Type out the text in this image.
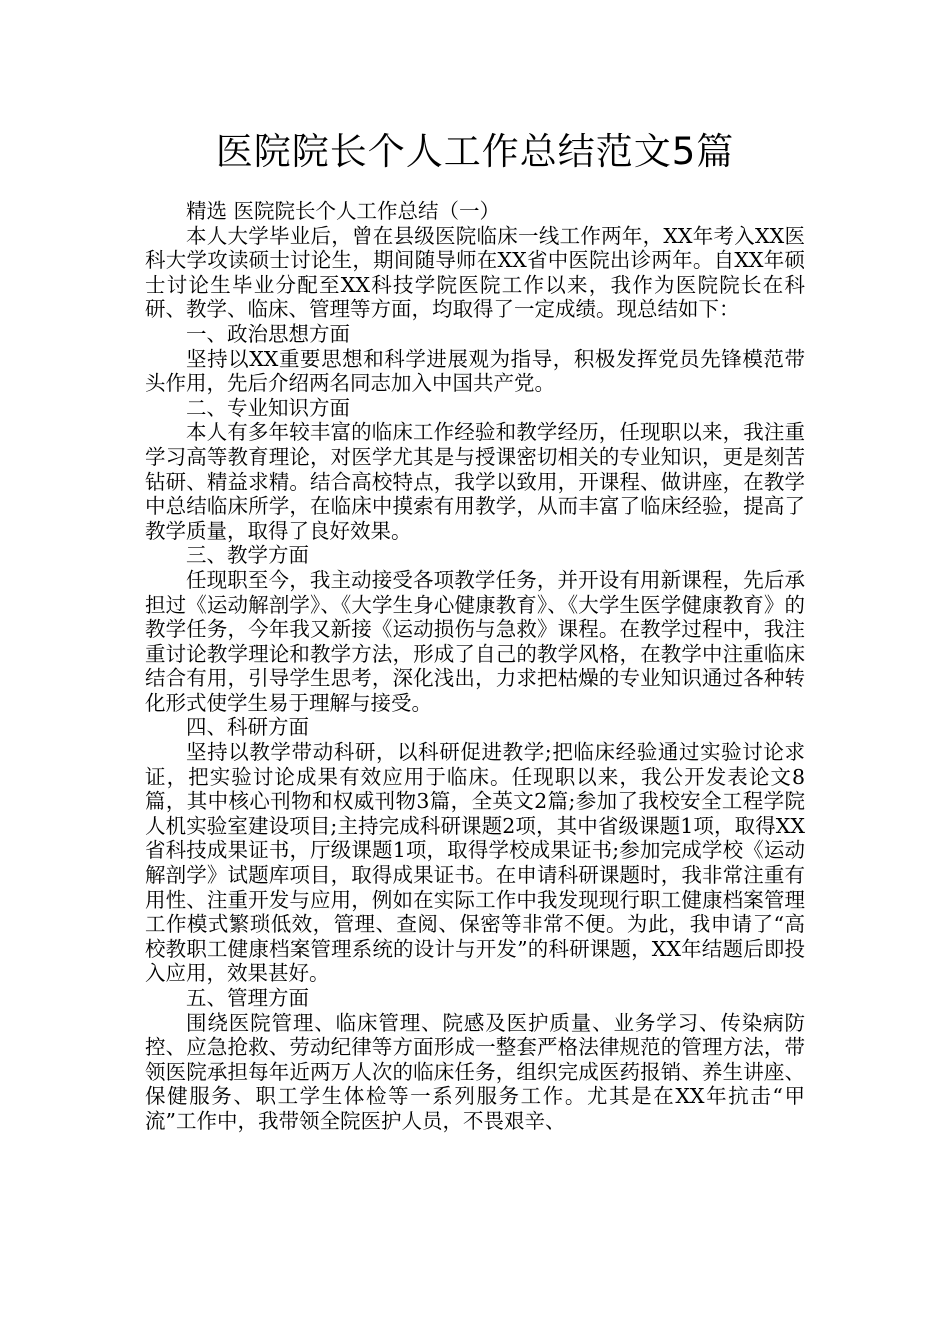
医院院长个人工作总结范文5篇

精选 医院院长个人工作总结（一）

本人大学毕业后，曾在县级医院临床一线工作两年，XX年考入XX医科大学攻读硕士讨论生，期间随导师在XX省中医院出诊两年。自XX年硕士讨论生毕业分配至XX科技学院医院工作以来，我作为医院院长在科研、教学、临床、管理等方面，均取得了一定成绩。现总结如下：

一、政治思想方面

坚持以XX重要思想和科学进展观为指导，积极发挥党员先锋模范带头作用，先后介绍两名同志加入中国共产党。

二、专业知识方面

本人有多年较丰富的临床工作经验和教学经历，任现职以来，我注重学习高等教育理论，对医学尤其是与授课密切相关的专业知识，更是刻苦钻研、精益求精。结合高校特点，我学以致用，开课程、做讲座，在教学中总结临床所学，在临床中摸索有用教学，从而丰富了临床经验，提高了教学质量，取得了良好效果。

三、教学方面

任现职至今，我主动接受各项教学任务，并开设有用新课程，先后承担过《运动解剖学》、《大学生身心健康教育》、《大学生医学健康教育》的教学任务，今年我又新接《运动损伤与急救》课程。在教学过程中，我注重讨论教学理论和教学方法，形成了自己的教学风格，在教学中注重临床结合有用，引导学生思考，深化浅出，力求把枯燥的专业知识通过各种转化形式使学生易于理解与接受。

四、科研方面

坚持以教学带动科研，以科研促进教学;把临床经验通过实验讨论求证，把实验讨论成果有效应用于临床。任现职以来，我公开发表论文8篇，其中核心刊物和权威刊物3篇，全英文2篇;参加了我校安全工程学院人机实验室建设项目;主持完成科研课题2项，其中省级课题1项，取得XX省科技成果证书，厅级课题1项，取得学校成果证书;参加完成学校《运动解剖学》试题库项目，取得成果证书。在申请科研课题时，我非常注重有用性、注重开发与应用，例如在实际工作中我发现现行职工健康档案管理工作模式繁琐低效，管理、查阅、保密等非常不便。为此，我申请了“高校教职工健康档案管理系统的设计与开发”的科研课题，XX年结题后即投入应用，效果甚好。

五、管理方面

围绕医院管理、临床管理、院感及医护质量、业务学习、传染病防控、应急抢救、劳动纪律等方面形成一整套严格法律规范的管理方法，带领医院承担每年近两万人次的临床任务，组织完成医药报销、养生讲座、保健服务、职工学生体检等一系列服务工作。尤其是在XX年抗击“甲流”工作中，我带领全院医护人员，不畏艰辛、
